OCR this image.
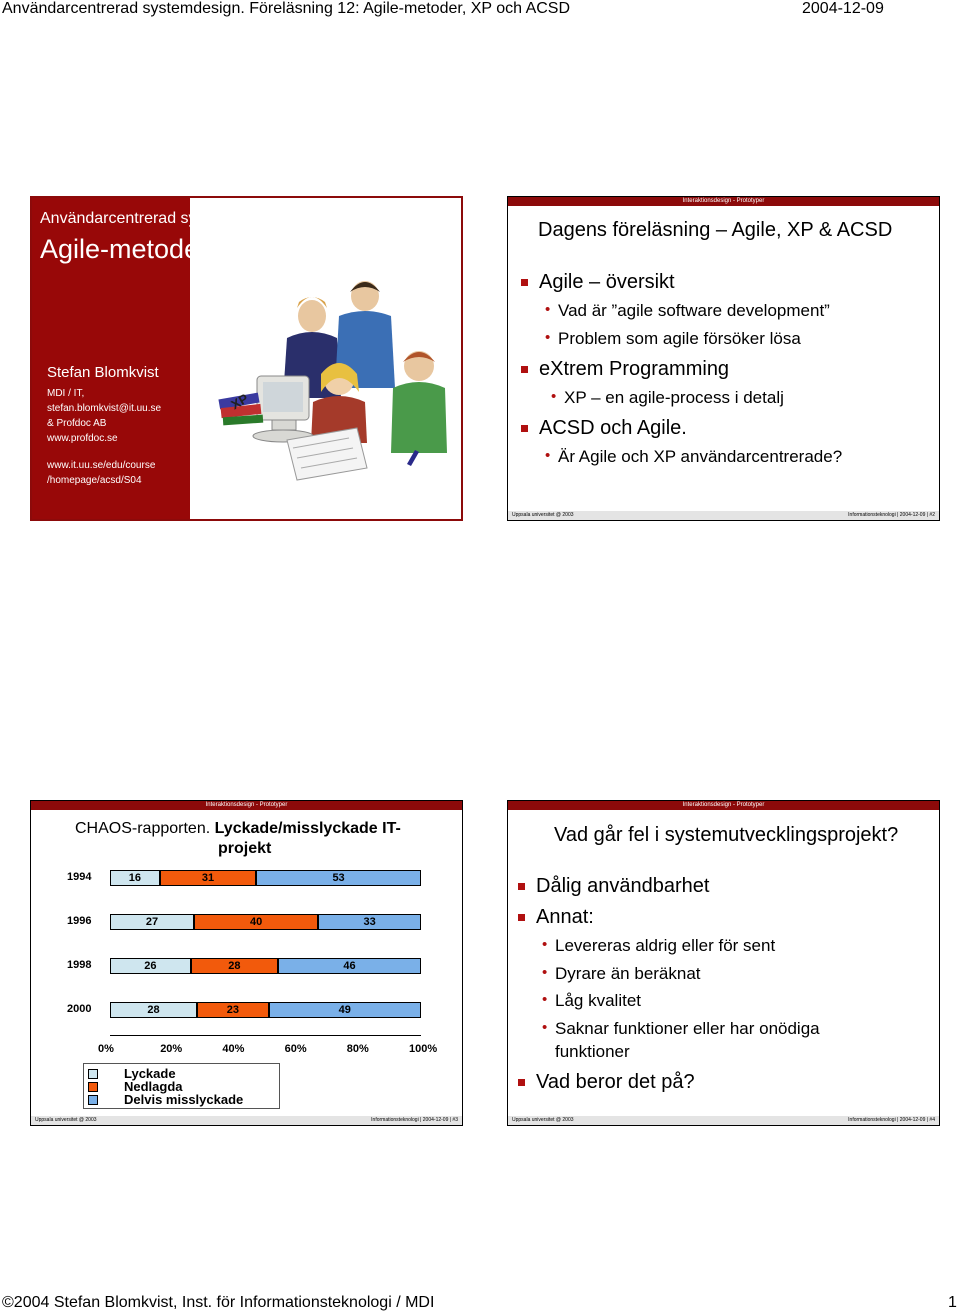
Användarcentrerad systemdesign. Föreläsning 12: Agile-metoder, XP och ACSD	2004-12-09
Användarcentrerad systemdesign. Föreläsning 12
Agile-metoder, XP och ACSD
XP
Stefan Blomkvist
MDI / IT,
stefan.blomkvist@it.uu.se
& Profdoc AB
www.profdoc.se
www.it.uu.se/edu/course
/homepage/acsd/S04
Interaktionsdesign - Prototyper
Dagens föreläsning – Agile, XP & ACSD
Agile – översikt
• Vad är ”agile software development”
• Problem som agile försöker lösa
eXtrem Programming
• XP – en agile-process i detalj
ACSD och Agile.
• Är Agile och XP användarcentrerade?
Uppsala universitet @ 2003	Informationsteknologi | 2004-12-09 | #2
Interaktionsdesign - Prototyper
CHAOS-rapporten. Lyckade/misslyckade IT-
projekt
1994	16	31	53
1996	27	40	33
1998	26	28	46
2000	28	23	49
0%	20%	40%	60%	80%	100%
Lyckade
Nedlagda
Delvis misslyckade
Uppsala universitet @ 2003	Informationsteknologi | 2004-12-09 | #3
Interaktionsdesign - Prototyper
Vad går fel i systemutvecklingsprojekt?
Dålig användbarhet
Annat:
• Levereras aldrig eller för sent
• Dyrare än beräknat
• Låg kvalitet
• Saknar funktioner eller har onödiga
funktioner
Vad beror det på?
Uppsala universitet @ 2003	Informationsteknologi | 2004-12-09 | #4
©2004 Stefan Blomkvist, Inst. för Informationsteknologi / MDI	1
